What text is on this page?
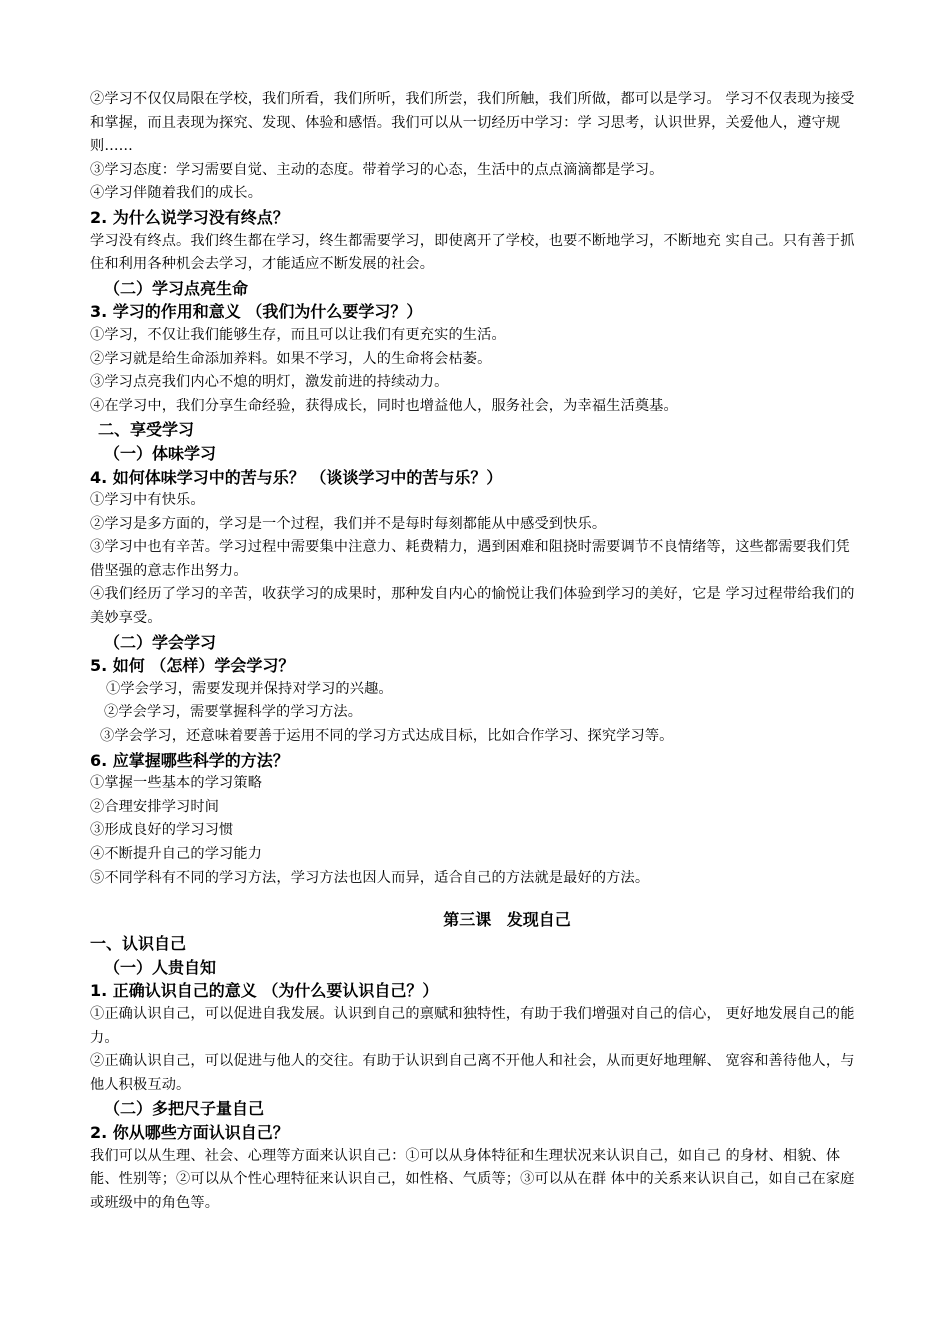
②学习不仅仅局限在学校，我们所看，我们所听，我们所尝，我们所触，我们所做，都可以是学习。 学习不仅表现为接受和掌握，而且表现为探究、发现、体验和感悟。我们可以从一切经历中学习：学 习思考，认识世界，关爱他人，遵守规则……

③学习态度：学习需要自觉、主动的态度。带着学习的心态，生活中的点点滴滴都是学习。

④学习伴随着我们的成长。

2. 为什么说学习没有终点？

学习没有终点。我们终生都在学习，终生都需要学习，即使离开了学校，也要不断地学习，不断地充 实自己。只有善于抓住和利用各种机会去学习，才能适应不断发展的社会。

（二）学习点亮生命

3. 学习的作用和意义 （我们为什么要学习？）

①学习，不仅让我们能够生存，而且可以让我们有更充实的生活。

②学习就是给生命添加养料。如果不学习，人的生命将会枯萎。

③学习点亮我们内心不熄的明灯，激发前进的持续动力。

④在学习中，我们分享生命经验，获得成长，同时也增益他人，服务社会，为幸福生活奠基。

二、享受学习

（一）体味学习

4. 如何体味学习中的苦与乐？ （谈谈学习中的苦与乐？）

①学习中有快乐。

②学习是多方面的，学习是一个过程，我们并不是每时每刻都能从中感受到快乐。

③学习中也有辛苦。学习过程中需要集中注意力、耗费精力，遇到困难和阻挠时需要调节不良情绪等，这些都需要我们凭借坚强的意志作出努力。

④我们经历了学习的辛苦，收获学习的成果时，那种发自内心的愉悦让我们体验到学习的美好，它是 学习过程带给我们的美妙享受。

（二）学会学习

5. 如何 （怎样）学会学习？

①学会学习，需要发现并保持对学习的兴趣。

②学会学习，需要掌握科学的学习方法。

③学会学习，还意味着要善于运用不同的学习方式达成目标，比如合作学习、探究学习等。

6. 应掌握哪些科学的方法？

①掌握一些基本的学习策略

②合理安排学习时间

③形成良好的学习习惯

④不断提升自己的学习能力

⑤不同学科有不同的学习方法，学习方法也因人而异，适合自己的方法就是最好的方法。

第三课 发现自己

一、认识自己

（一）人贵自知

1. 正确认识自己的意义 （为什么要认识自己？）

①正确认识自己，可以促进自我发展。认识到自己的禀赋和独特性，有助于我们增强对自己的信心， 更好地发展自己的能力。

②正确认识自己，可以促进与他人的交往。有助于认识到自己离不开他人和社会，从而更好地理解、 宽容和善待他人，与他人积极互动。

（二）多把尺子量自己

2. 你从哪些方面认识自己？

我们可以从生理、社会、心理等方面来认识自己：①可以从身体特征和生理状况来认识自己，如自己 的身材、相貌、体能、性别等；②可以从个性心理特征来认识自己，如性格、气质等；③可以从在群 体中的关系来认识自己，如自己在家庭或班级中的角色等。
